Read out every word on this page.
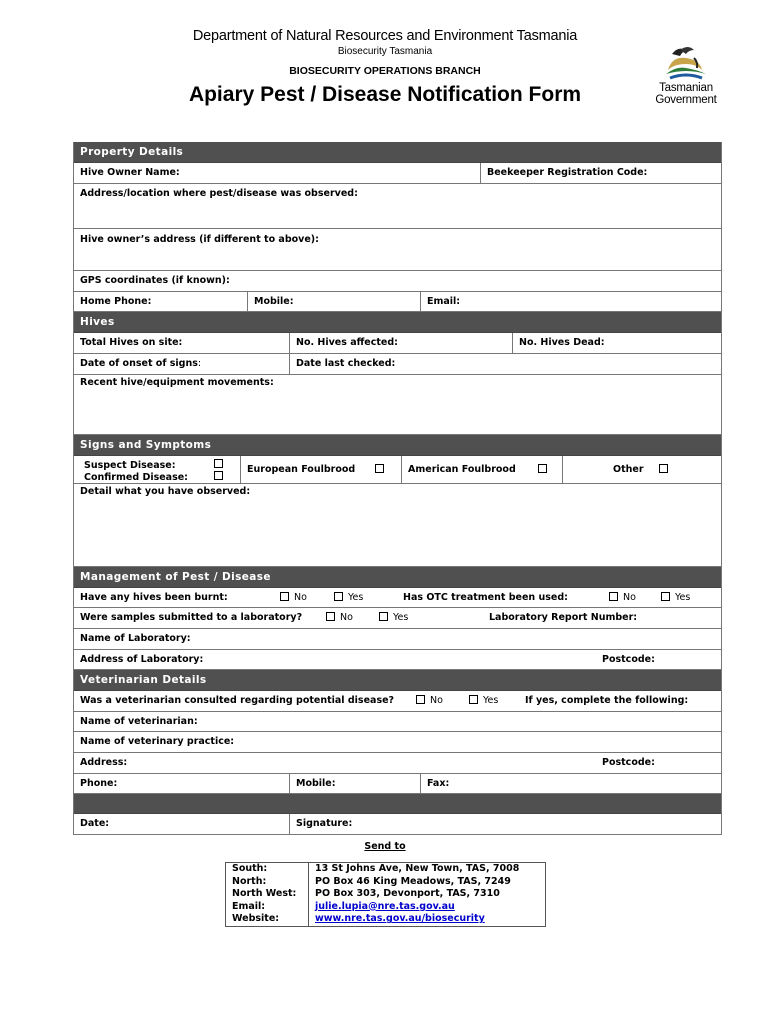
Department of Natural Resources and Environment Tasmania
Biosecurity Tasmania
BIOSECURITY OPERATIONS BRANCH
Apiary Pest / Disease Notification Form	Tasmanian
Government
Property Details
Hive Owner Name:	Beekeeper Registration Code:
Address/location where pest/disease was observed:
Hive owner’s address (if different to above):
GPS coordinates (if known):
Home Phone:	Mobile:	Email:
Hives
Total Hives on site:	No. Hives affected:	No. Hives Dead:
Date of onset of signs:	Date last checked:
Recent hive/equipment movements:
Signs and Symptoms
Suspect Disease:
Confirmed Disease:
European Foulbrood	American Foulbrood	Other
Detail what you have observed:
Management of Pest / Disease
Have any hives been burnt:	No	Yes	Has OTC treatment been used:	No	Yes
Were samples submitted to a laboratory?	No	Yes	Laboratory Report Number:
Name of Laboratory:
Address of Laboratory:	Postcode:
Veterinarian Details
Was a veterinarian consulted regarding potential disease?	No	Yes	If yes, complete the following:
Name of veterinarian:
Name of veterinary practice:
Address:	Postcode:
Phone:	Mobile:	Fax:
Date:	Signature:
Send to
South:	13 St Johns Ave, New Town, TAS, 7008
North:	PO Box 46 King Meadows, TAS, 7249
North West:	PO Box 303, Devonport, TAS, 7310
Email:	julie.lupia@nre.tas.gov.au
Website:	www.nre.tas.gov.au/biosecurity
